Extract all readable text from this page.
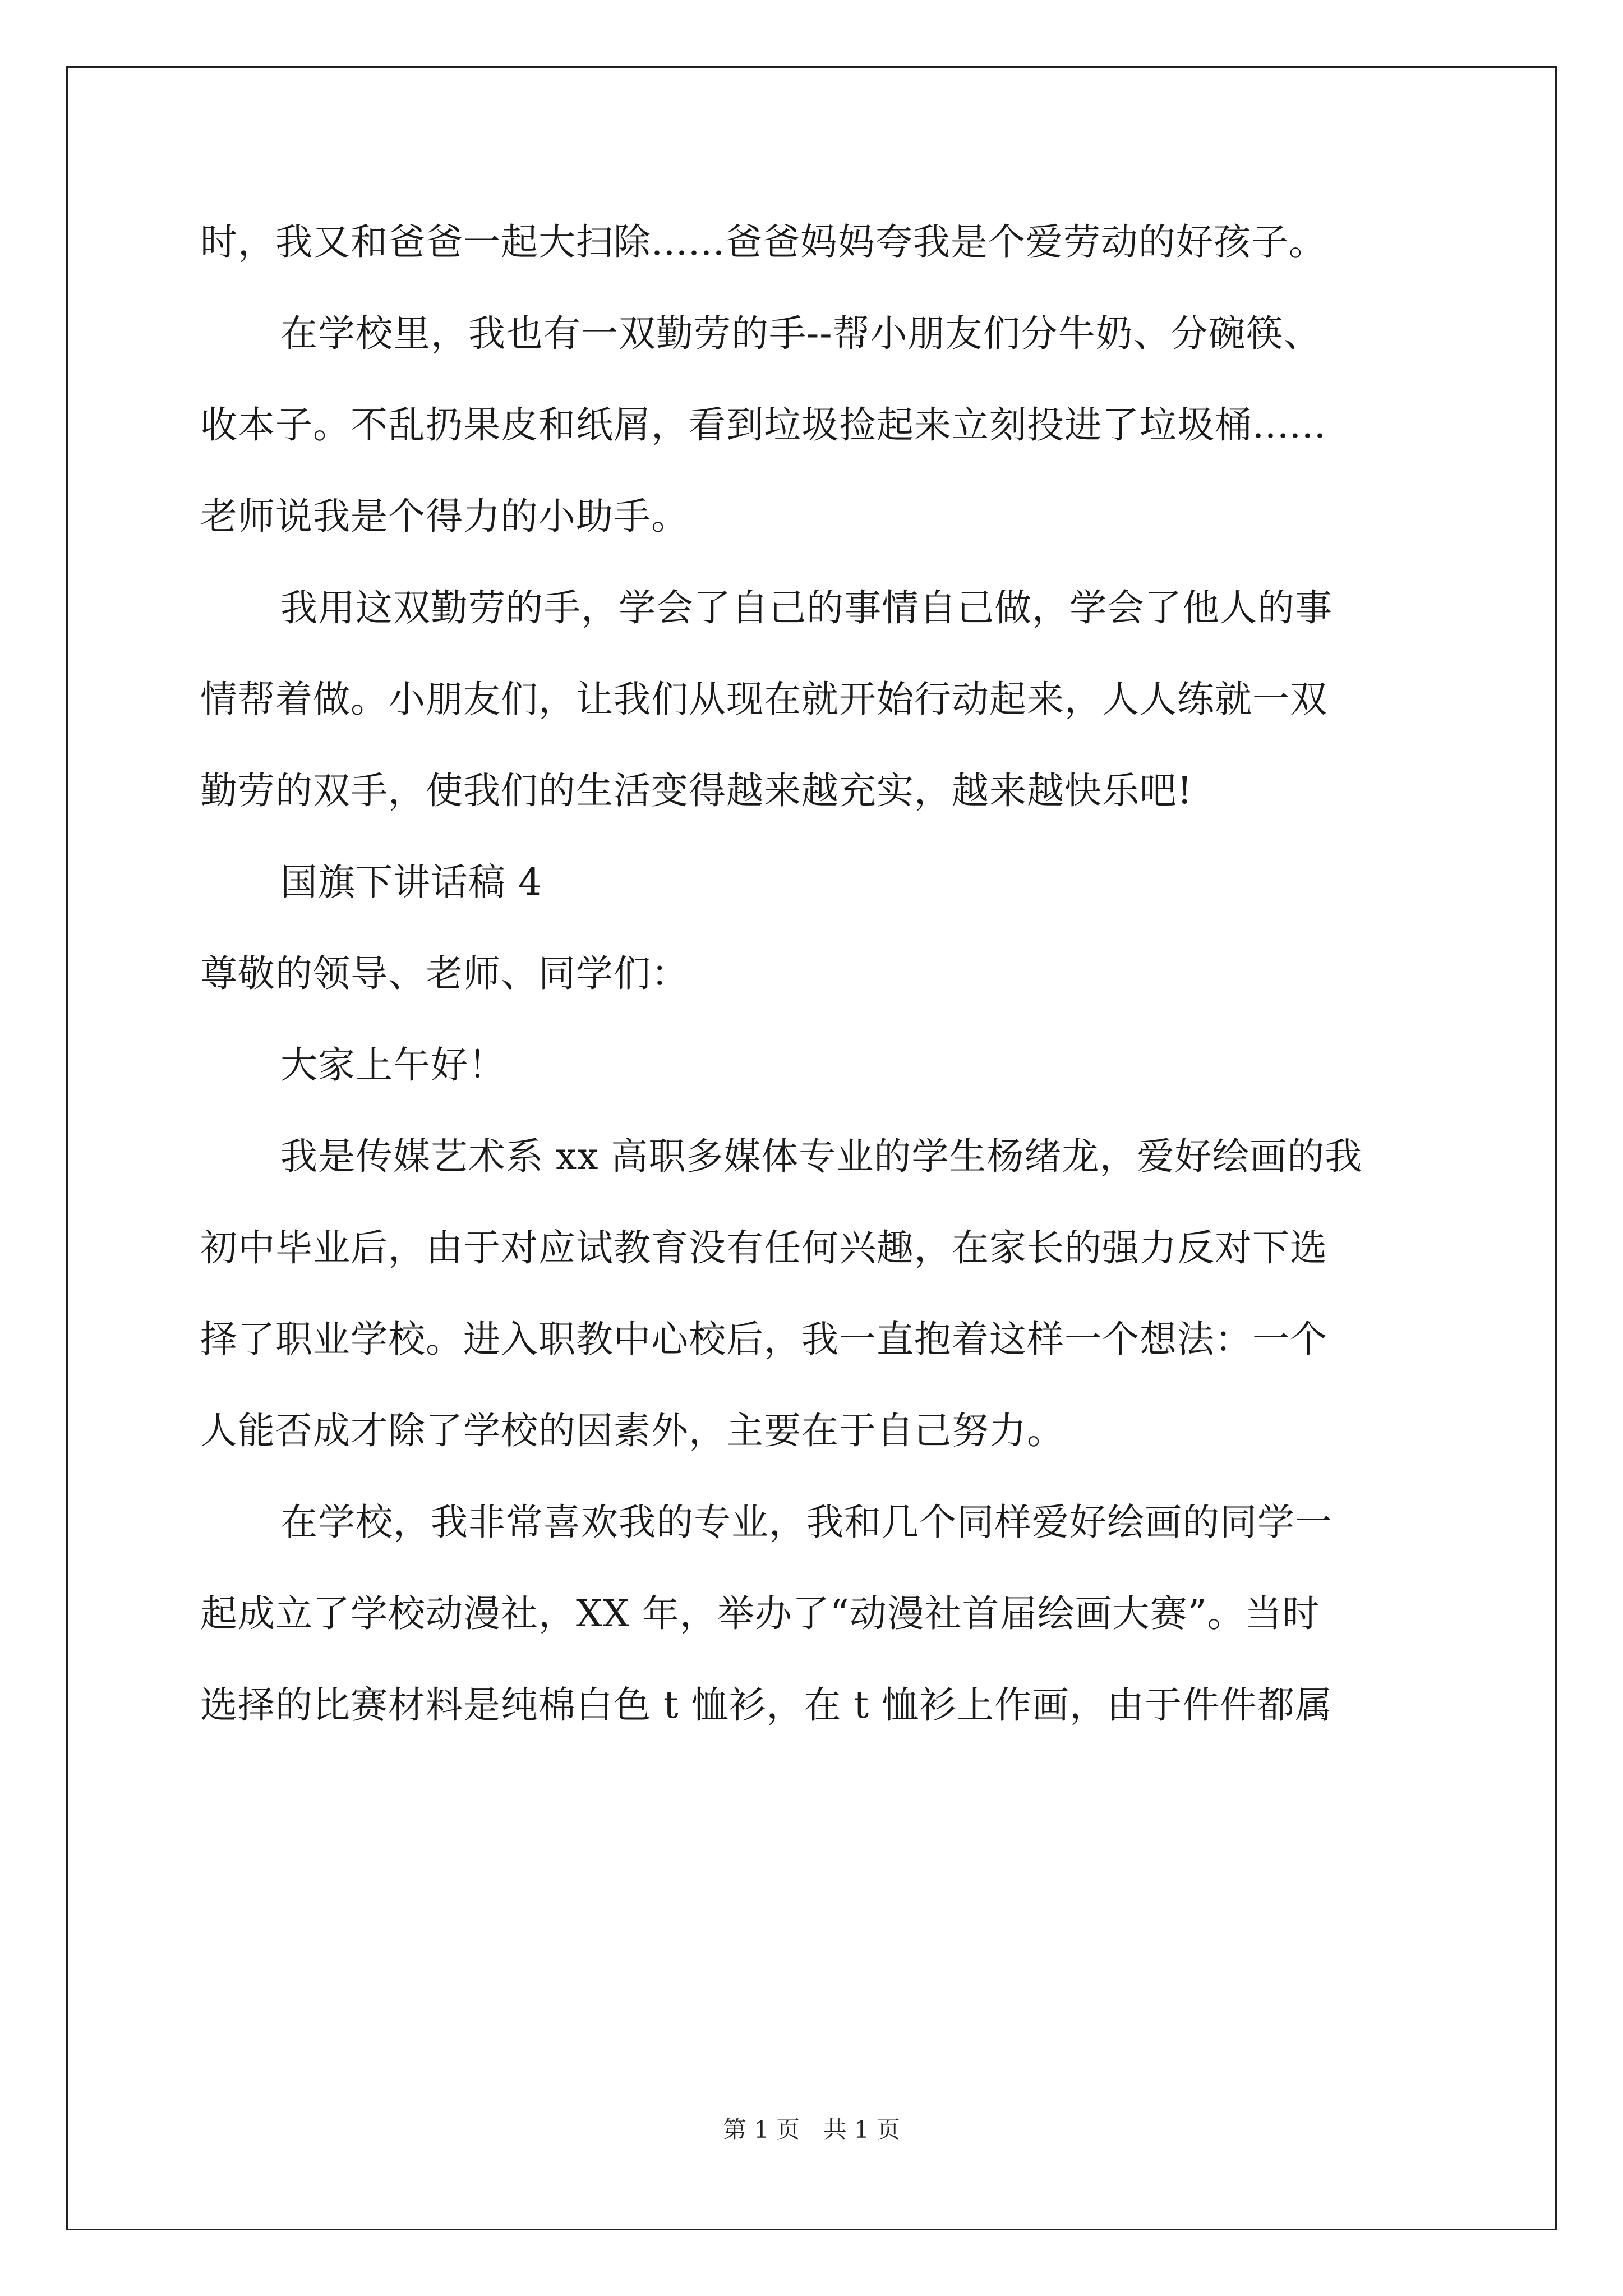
时，我又和爸爸一起大扫除......爸爸妈妈夸我是个爱劳动的好孩子。
在学校里，我也有一双勤劳的手--帮小朋友们分牛奶、分碗筷、
收本子。不乱扔果皮和纸屑，看到垃圾捡起来立刻投进了垃圾桶......
老师说我是个得力的小助手。
我用这双勤劳的手，学会了自己的事情自己做，学会了他人的事
情帮着做。小朋友们，让我们从现在就开始行动起来，人人练就一双
勤劳的双手，使我们的生活变得越来越充实，越来越快乐吧!
国旗下讲话稿 4
尊敬的领导、老师、同学们：
大家上午好！
我是传媒艺术系 xx 高职多媒体专业的学生杨绪龙，爱好绘画的我
初中毕业后，由于对应试教育没有任何兴趣，在家长的强力反对下选
择了职业学校。进入职教中心校后，我一直抱着这样一个想法：一个
人能否成才除了学校的因素外，主要在于自己努力。
在学校，我非常喜欢我的专业，我和几个同样爱好绘画的同学一
起成立了学校动漫社，XX 年，举办了“动漫社首届绘画大赛”。当时
选择的比赛材料是纯棉白色 t 恤衫，在 t 恤衫上作画，由于件件都属
第 1 页 共 1 页
